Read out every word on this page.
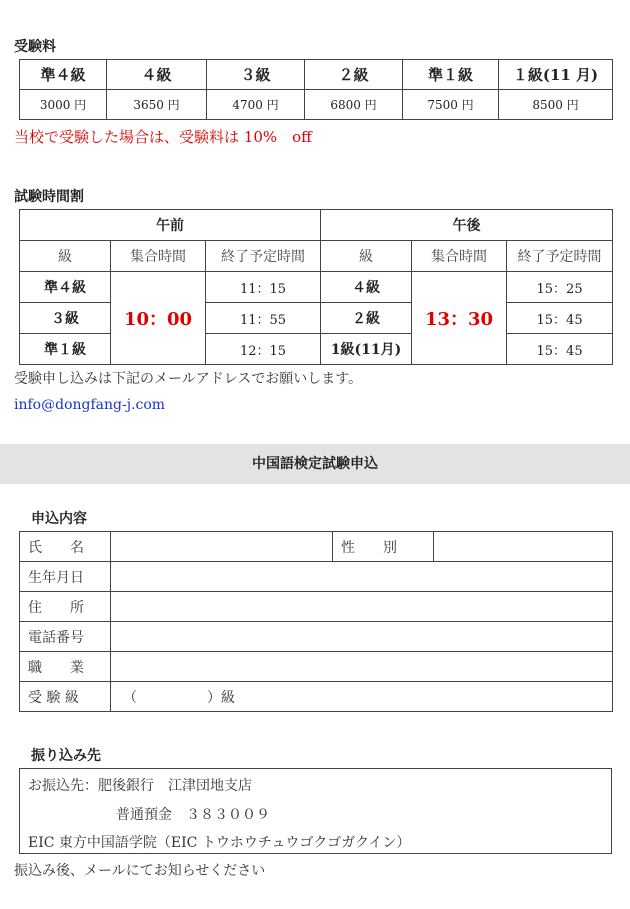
受験料
準４級	４級	３級	２級	準１級	１級(11 月)
3000 円	3650 円	4700 円	6800 円	7500 円	8500 円
当校で受験した場合は、受験料は 10%　off
試験時間割
午前			午後		
級	集合時間	終了予定時間	級	集合時間	終了予定時間
準４級	10：00	11：15	４級	13：30	15：25
３級		11：55	２級		15：45
準１級		12：15	1級(11月)		15：45
受験申し込みは下記のメールアドレスでお願いします。
info@dongfang-j.com
中国語検定試験申込
申込内容
氏　　名		性　　別	
生年月日			
住　　所			
電話番号			
職　　業			
受 験 級	（　　　　　）級		
振り込み先
お振込先：肥後銀行　江津団地支店
普通預金　３８３００９
EIC 東方中国語学院（EIC トウホウチュウゴクゴガクイン）
振込み後、メールにてお知らせください
